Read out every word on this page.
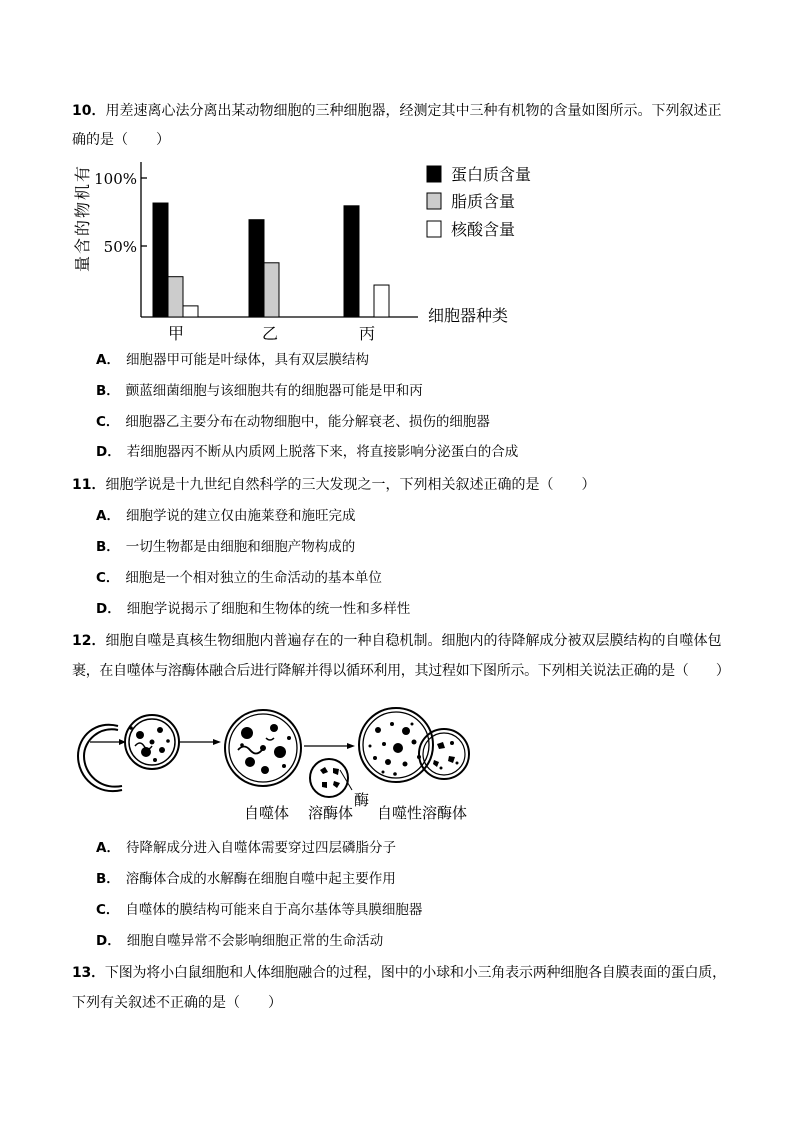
10．用差速离心法分离出某动物细胞的三种细胞器，经测定其中三种有机物的含量如图所示。下列叙述正
确的是（　　）
100%
50%
有
机
物
的
含
量
甲	乙	丙
细胞器种类
蛋白质含量
脂质含量
核酸含量
A． 细胞器甲可能是叶绿体，具有双层膜结构
B． 颤蓝细菌细胞与该细胞共有的细胞器可能是甲和丙
C． 细胞器乙主要分布在动物细胞中，能分解衰老、损伤的细胞器
D． 若细胞器丙不断从内质网上脱落下来，将直接影响分泌蛋白的合成
11．细胞学说是十九世纪自然科学的三大发现之一，下列相关叙述正确的是（　　）
A． 细胞学说的建立仅由施莱登和施旺完成
B． 一切生物都是由细胞和细胞产物构成的
C． 细胞是一个相对独立的生命活动的基本单位
D． 细胞学说揭示了细胞和生物体的统一性和多样性
12．细胞自噬是真核生物细胞内普遍存在的一种自稳机制。细胞内的待降解成分被双层膜结构的自噬体包
裹，在自噬体与溶酶体融合后进行降解并得以循环利用，其过程如下图所示。下列相关说法正确的是（　　）
自噬体 溶酶体
酶
自噬性溶酶体
A． 待降解成分进入自噬体需要穿过四层磷脂分子
B． 溶酶体合成的水解酶在细胞自噬中起主要作用
C． 自噬体的膜结构可能来自于高尔基体等具膜细胞器
D． 细胞自噬异常不会影响细胞正常的生命活动
13．下图为将小白鼠细胞和人体细胞融合的过程，图中的小球和小三角表示两种细胞各自膜表面的蛋白质，
下列有关叙述不正确的是（　　）
